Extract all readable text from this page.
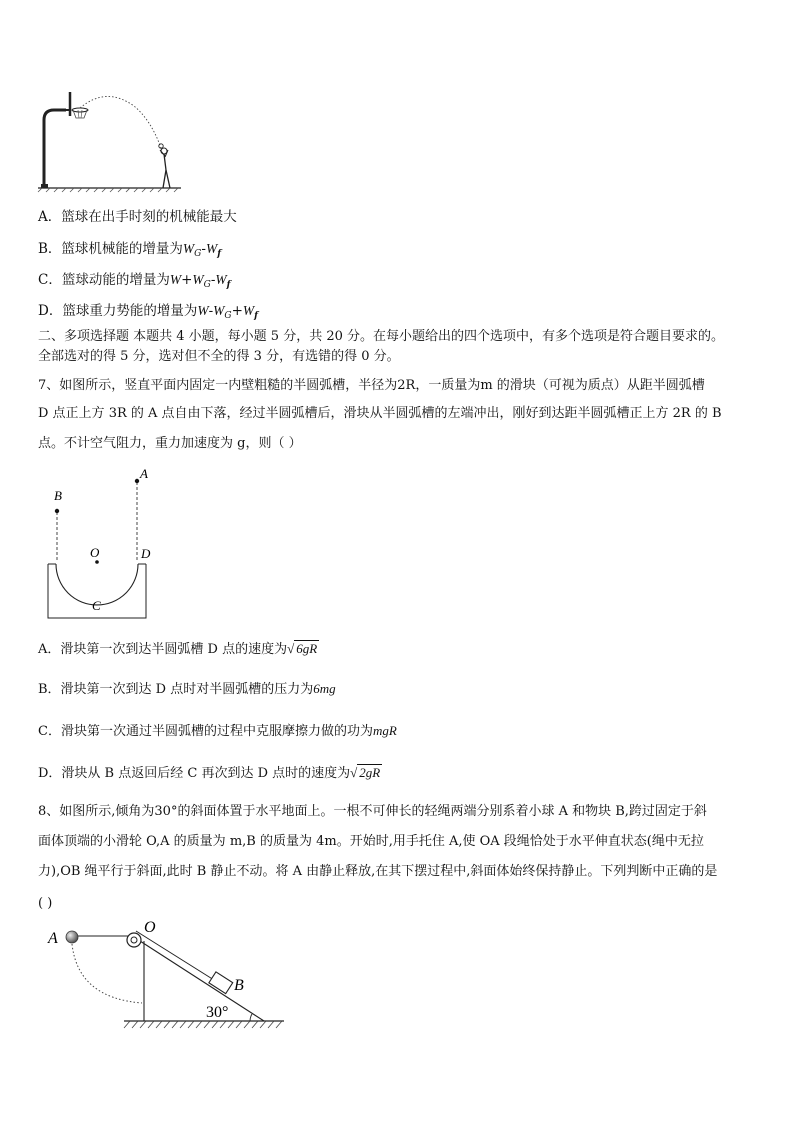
A．篮球在出手时刻的机械能最大
B．篮球机械能的增量为$W_G-W_f$
C．篮球动能的增量为$W+W_G-W_f$
D．篮球重力势能的增量为$W-W_G+W_f$
二、多项选择题 本题共 4 小题，每小题 5 分，共 20 分。在每小题给出的四个选项中，有多个选项是符合题目要求的。
全部选对的得 5 分，选对但不全的得 3 分，有选错的得 0 分。
7、如图所示，竖直平面内固定一内壁粗糙的半圆弧槽，半径为2R，一质量为m 的滑块（可视为质点）从距半圆弧槽
D 点正上方 3R 的 A 点自由下落，经过半圆弧槽后，滑块从半圆弧槽的左端冲出，刚好到达距半圆弧槽正上方 2R 的 B
点。不计空气阻力，重力加速度为 g，则（ ）
B
A
O	D
C
A．滑块第一次到达半圆弧槽 D 点的速度为√ 6gR
B．滑块第一次到达 D 点时对半圆弧槽的压力为6mg
C．滑块第一次通过半圆弧槽的过程中克服摩擦力做的功为mgR
D．滑块从 B 点返回后经 C 再次到达 D 点时的速度为√ 2gR
8、如图所示,倾角为30°的斜面体置于水平地面上。一根不可伸长的轻绳两端分别系着小球 A 和物块 B,跨过固定于斜
面体顶端的小滑轮 O,A 的质量为 m,B 的质量为 4m。开始时,用手托住 A,使 OA 段绳恰处于水平伸直状态(绳中无拉
力),OB 绳平行于斜面,此时 B 静止不动。将 A 由静止释放,在其下摆过程中,斜面体始终保持静止。下列判断中正确的是
( )
A
O
B
30°
